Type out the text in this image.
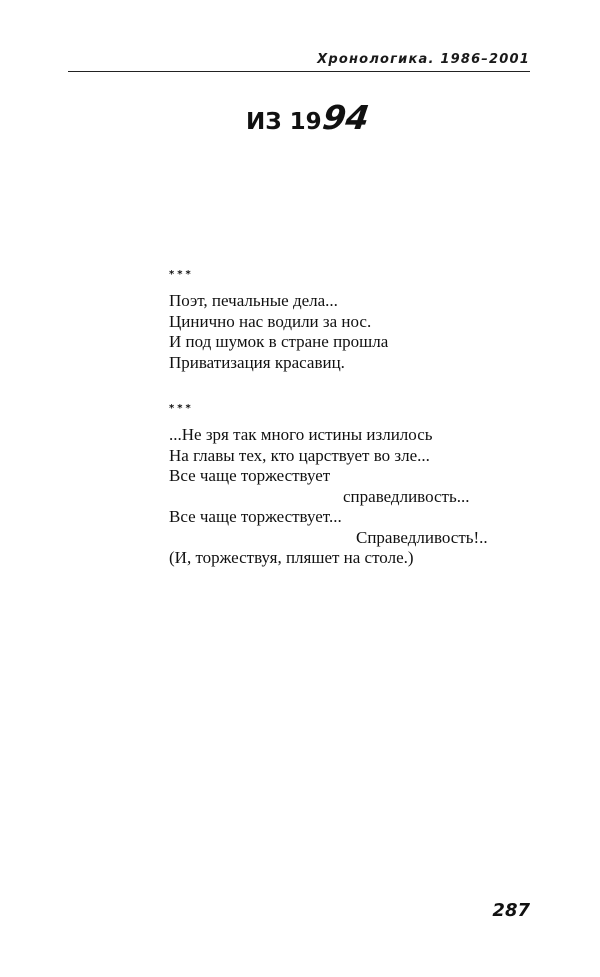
Хронологика. 1986–2001
ИЗ 19
94
***
Поэт, печальные дела...
Цинично нас водили за нос.
И под шумок в стране прошла
Приватизация красавиц.
***
...Не зря так много истины излилось
На главы тех, кто царствует во зле...
Все чаще торжествует
справедливость...
Все чаще торжествует...
Справедливость!..
(И, торжествуя, пляшет на столе.)
287
